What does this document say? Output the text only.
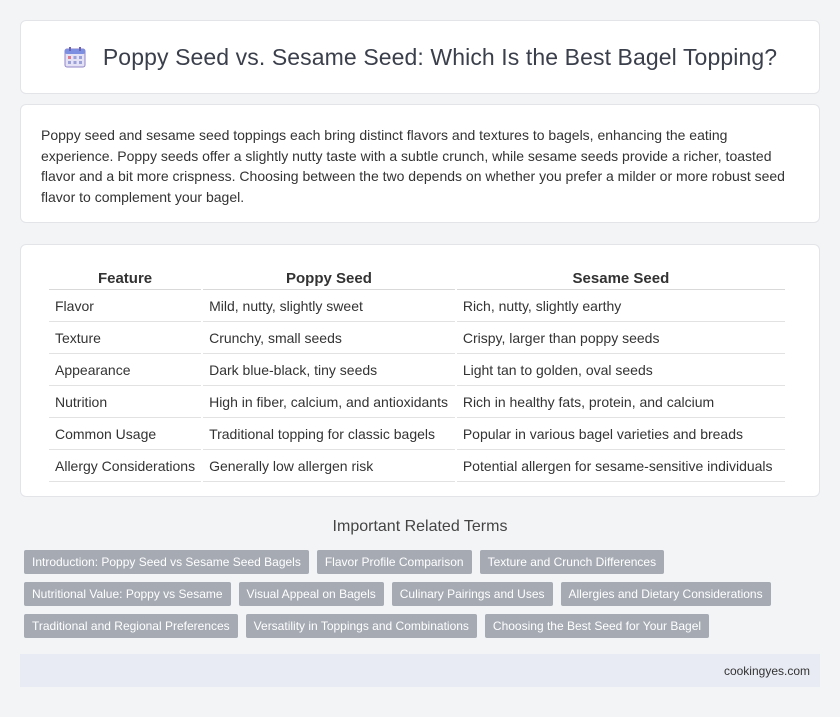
Poppy Seed vs. Sesame Seed: Which Is the Best Bagel Topping?

Poppy seed and sesame seed toppings each bring distinct flavors and textures to bagels, enhancing the eating experience. Poppy seeds offer a slightly nutty taste with a subtle crunch, while sesame seeds provide a richer, toasted flavor and a bit more crispness. Choosing between the two depends on whether you prefer a milder or more robust seed flavor to complement your bagel.

Feature	Poppy Seed	Sesame Seed
Flavor	Mild, nutty, slightly sweet	Rich, nutty, slightly earthy
Texture	Crunchy, small seeds	Crispy, larger than poppy seeds
Appearance	Dark blue-black, tiny seeds	Light tan to golden, oval seeds
Nutrition	High in fiber, calcium, and antioxidants	Rich in healthy fats, protein, and calcium
Common Usage	Traditional topping for classic bagels	Popular in various bagel varieties and breads
Allergy Considerations	Generally low allergen risk	Potential allergen for sesame-sensitive individuals
Important Related Terms
Introduction: Poppy Seed vs Sesame Seed Bagels	Flavor Profile Comparison	Texture and Crunch Differences
Nutritional Value: Poppy vs Sesame	Visual Appeal on Bagels	Culinary Pairings and Uses	Allergies and Dietary Considerations
Traditional and Regional Preferences	Versatility in Toppings and Combinations	Choosing the Best Seed for Your Bagel
cookingyes.com
